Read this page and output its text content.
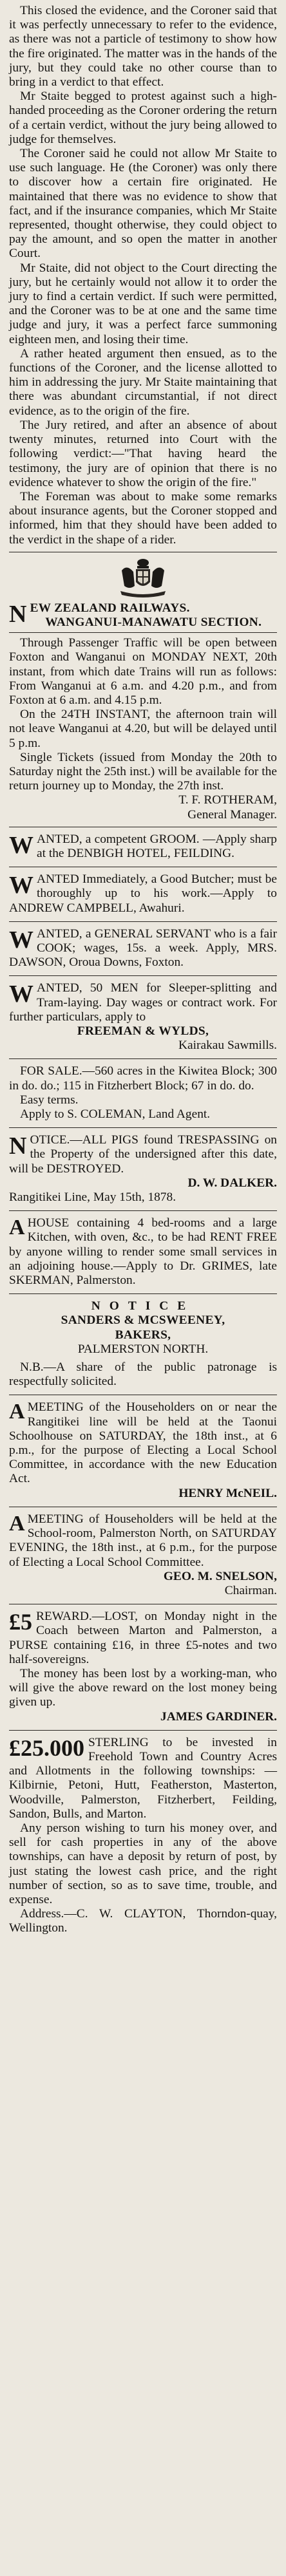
This closed the evidence, and the Coroner said that it was perfectly unnecessary to refer to the evidence, as there was not a particle of testimony to show how the fire originated. The matter was in the hands of the jury, but they could take no other course than to bring in a verdict to that effect.

Mr Staite begged to protest against such a high-handed proceeding as the Coroner ordering the return of a certain verdict, without the jury being allowed to judge for themselves.

The Coroner said he could not allow Mr Staite to use such language. He (the Coroner) was only there to discover how a certain fire originated. He maintained that there was no evidence to show that fact, and if the insurance companies, which Mr Staite represented, thought otherwise, they could object to pay the amount, and so open the matter in another Court.

Mr Staite, did not object to the Court directing the jury, but he certainly would not allow it to order the jury to find a certain verdict. If such were permitted, and the Coroner was to be at one and the same time judge and jury, it was a perfect farce summoning eighteen men, and losing their time.

A rather heated argument then ensued, as to the functions of the Coroner, and the license allotted to him in addressing the jury. Mr Staite maintaining that there was abundant circumstantial, if not direct evidence, as to the origin of the fire.

The Jury retired, and after an absence of about twenty minutes, returned into Court with the following verdict:—"That having heard the testimony, the jury are of opinion that there is no evidence whatever to show the origin of the fire."

The Foreman was about to make some remarks about insurance agents, but the Coroner stopped and informed, him that they should have been added to the verdict in the shape of a rider.

NEW ZEALAND RAILWAYS.

WANGANUI-MANAWATU SECTION.

Through Passenger Traffic will be open between Foxton and Wanganui on MONDAY NEXT, 20th instant, from which date Trains will run as follows: From Wanganui at 6 a.m. and 4.20 p.m., and from Foxton at 6 a.m. and 4.15 p.m.

On the 24TH INSTANT, the afternoon train will not leave Wanganui at 4.20, but will be delayed until 5 p.m.

Single Tickets (issued from Monday the 20th to Saturday night the 25th inst.) will be available for the return journey up to Monday, the 27th inst.

T. F. ROTHERAM,

General Manager.

WANTED, a competent GROOM. —Apply sharp at the DENBIGH HOTEL, FEILDING.

WANTED Immediately, a Good Butcher; must be thoroughly up to his work.—Apply to ANDREW CAMPBELL, Awahuri.

WANTED, a GENERAL SERVANT who is a fair COOK; wages, 15s. a week. Apply, MRS. DAWSON, Oroua Downs, Foxton.

WANTED, 50 MEN for Sleeper-splitting and Tram-laying. Day wages or contract work. For further particulars, apply to

FREEMAN & WYLDS,

Kairakau Sawmills.

FOR SALE.—560 acres in the Kiwitea Block; 300 in do. do.; 115 in Fitzherbert Block; 67 in do. do.

Easy terms.

Apply to S. COLEMAN, Land Agent.

NOTICE.—ALL PIGS found TRESPASSING on the Property of the undersigned after this date, will be DESTROYED.

D. W. DALKER.

Rangitikei Line, May 15th, 1878.

AHOUSE containing 4 bed-rooms and a large Kitchen, with oven, &c., to be had RENT FREE by anyone willing to render some small services in an adjoining house.—Apply to Dr. GRIMES, late SKERMAN, Palmerston.

NOTICE

SANDERS & MCSWEENEY,

BAKERS,

PALMERSTON NORTH.

N.B.—A share of the public patronage is respectfully solicited.

AMEETING of the Householders on or near the Rangitikei line will be held at the Taonui Schoolhouse on SATURDAY, the 18th inst., at 6 p.m., for the purpose of Electing a Local School Committee, in accordance with the new Education Act.

HENRY McNEIL.

AMEETING of Householders will be held at the School-room, Palmerston North, on SATURDAY EVENING, the 18th inst., at 6 p.m., for the purpose of Electing a Local School Committee.

GEO. M. SNELSON,

Chairman.

£5 REWARD.—LOST, on Monday night in the Coach between Marton and Palmerston, a PURSE containing £16, in three £5-notes and two half-sovereigns.

The money has been lost by a working-man, who will give the above reward on the lost money being given up.

JAMES GARDINER.

£25.000 STERLING to be invested in Freehold Town and Country Acres and Allotments in the following townships: —Kilbirnie, Petoni, Hutt, Featherston, Masterton, Woodville, Palmerston, Fitzherbert, Feilding, Sandon, Bulls, and Marton.

Any person wishing to turn his money over, and sell for cash properties in any of the above townships, can have a deposit by return of post, by just stating the lowest cash price, and the right number of section, so as to save time, trouble, and expense.

Address.—C. W. CLAYTON, Thorndon-quay, Wellington.
